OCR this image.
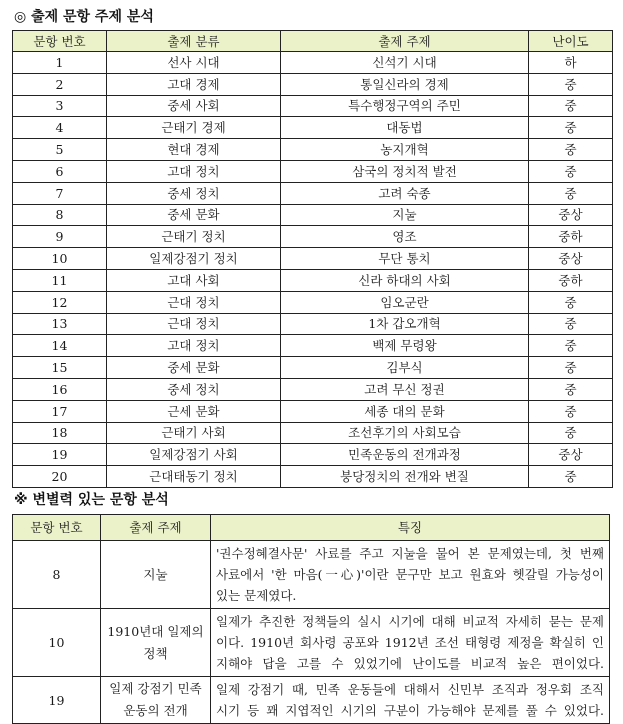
◎ 출제 문항 주제 분석
문항 번호	출제 분류	출제 주제	난이도
1	선사 시대	신석기 시대	하
2	고대 경제	통일신라의 경제	중
3	중세 사회	특수행정구역의 주민	중
4	근태기 경제	대동법	중
5	현대 경제	농지개혁	중
6	고대 정치	삼국의 정치적 발전	중
7	중세 정치	고려 숙종	중
8	중세 문화	지눌	중상
9	근태기 정치	영조	중하
10	일제강점기 정치	무단 통치	중상
11	고대 사회	신라 하대의 사회	중하
12	근대 정치	임오군란	중
13	근대 정치	1차 갑오개혁	중
14	고대 정치	백제 무령왕	중
15	중세 문화	김부식	중
16	중세 정치	고려 무신 정권	중
17	근세 문화	세종 대의 문화	중
18	근태기 사회	조선후기의 사회모습	중
19	일제강점기 사회	민족운동의 전개과정	중상
20	근대태동기 정치	붕당정치의 전개와 변질	중
※ 변별력 있는 문항 분석
문항 번호	출제 주제	특징
8	지눌	'권수정혜결사문' 사료를 주고 지눌을 물어 본 문제였는데, 첫 번째
사료에서 '한 마음(一心)'이란 문구만 보고 원효와 헷갈릴 가능성이
있는 문제였다.

10	1910년대 일제의 정책	일제가 추진한 정책들의 실시 시기에 대해 비교적 자세히 묻는 문제
이다. 1910년 회사령 공포와 1912년 조선 태형령 제정을 확실히 인
지해야 답을 고를 수 있었기에 난이도를 비교적 높은 편이었다.

19	일제 강점기 민족운동의 전개	일제 강점기 때, 민족 운동들에 대해서 신민부 조직과 정우회 조직
시기 등 꽤 지엽적인 시기의 구분이 가능해야 문제를 풀 수 있었다.
